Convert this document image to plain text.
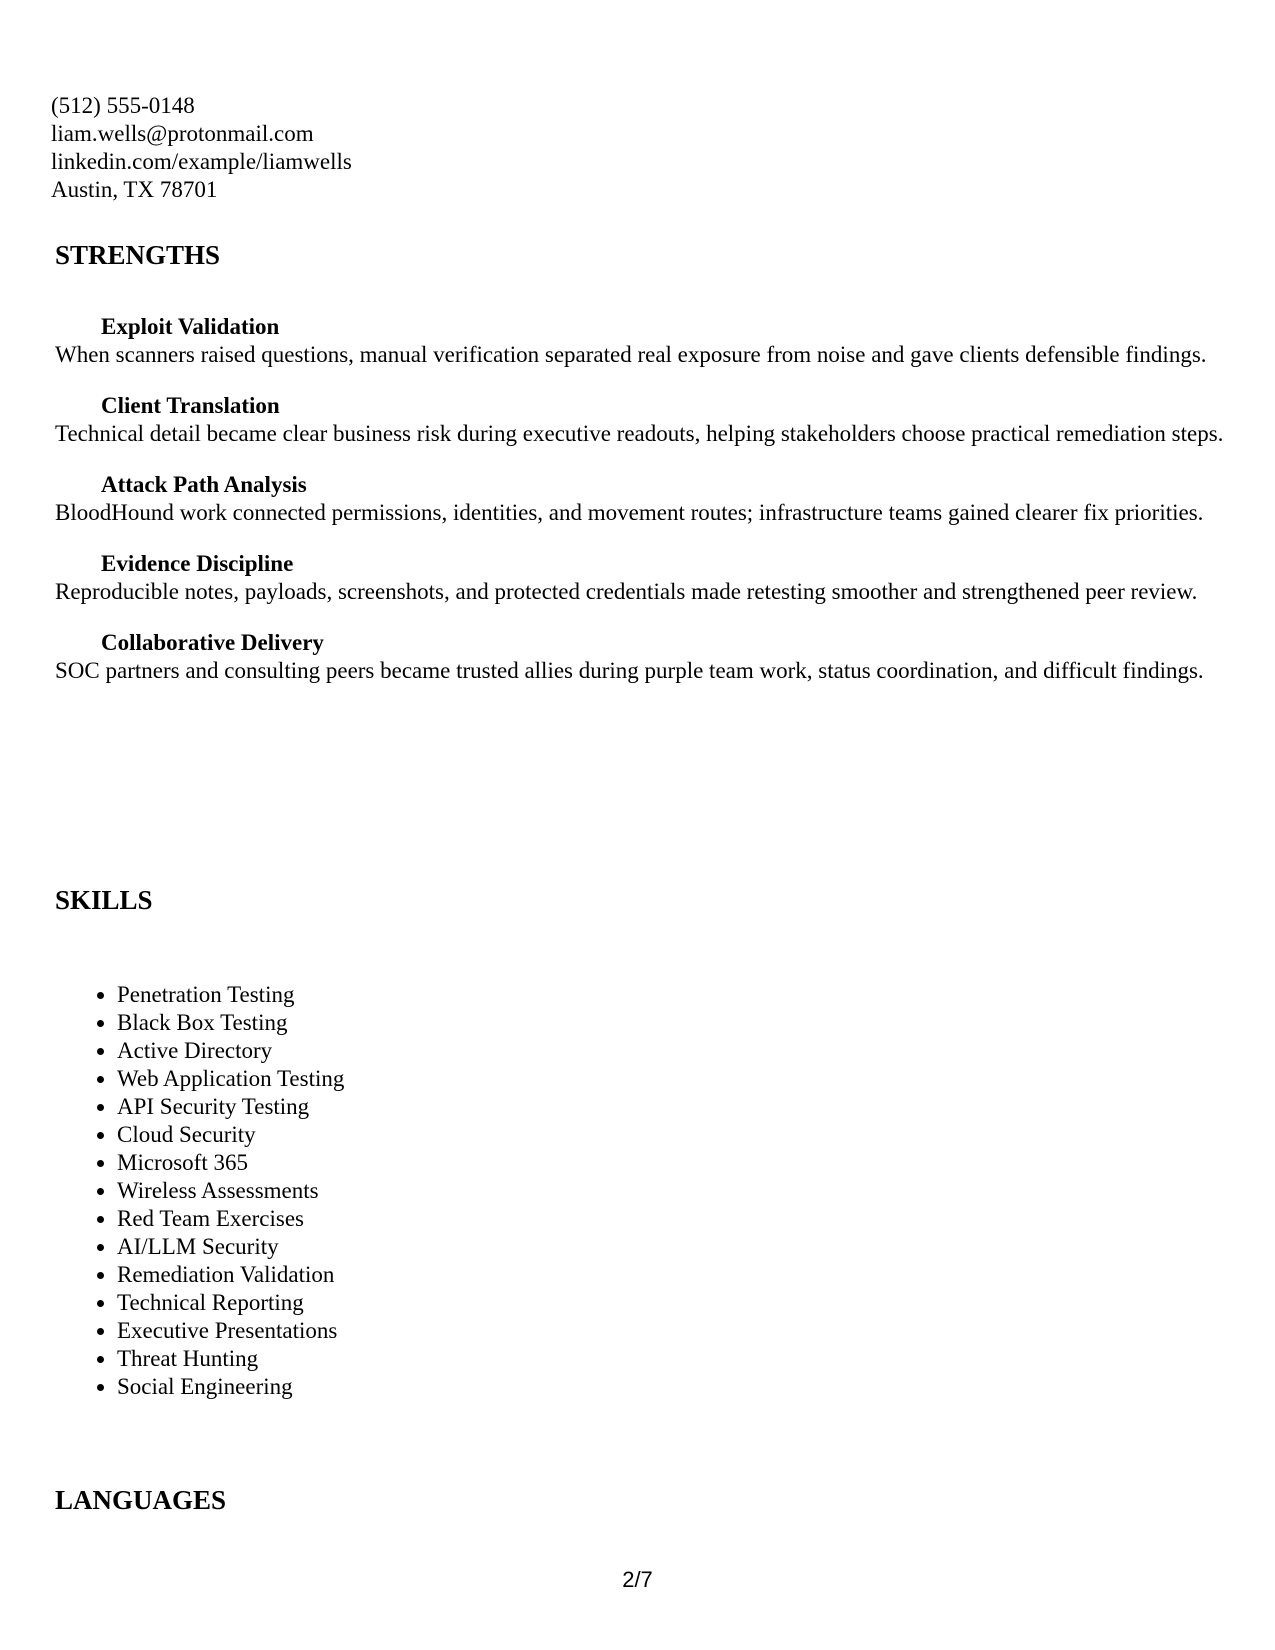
(512) 555-0148
liam.wells@protonmail.com
linkedin.com/example/liamwells
Austin, TX 78701
STRENGTHS
Exploit Validation
When scanners raised questions, manual verification separated real exposure from noise and gave clients defensible findings.
Client Translation
Technical detail became clear business risk during executive readouts, helping stakeholders choose practical remediation steps.
Attack Path Analysis
BloodHound work connected permissions, identities, and movement routes; infrastructure teams gained clearer fix priorities.
Evidence Discipline
Reproducible notes, payloads, screenshots, and protected credentials made retesting smoother and strengthened peer review.
Collaborative Delivery
SOC partners and consulting peers became trusted allies during purple team work, status coordination, and difficult findings.
SKILLS
• Penetration Testing
• Black Box Testing
• Active Directory
• Web Application Testing
• API Security Testing
• Cloud Security
• Microsoft 365
• Wireless Assessments
• Red Team Exercises
• AI/LLM Security
• Remediation Validation
• Technical Reporting
• Executive Presentations
• Threat Hunting
• Social Engineering
LANGUAGES
2/7
